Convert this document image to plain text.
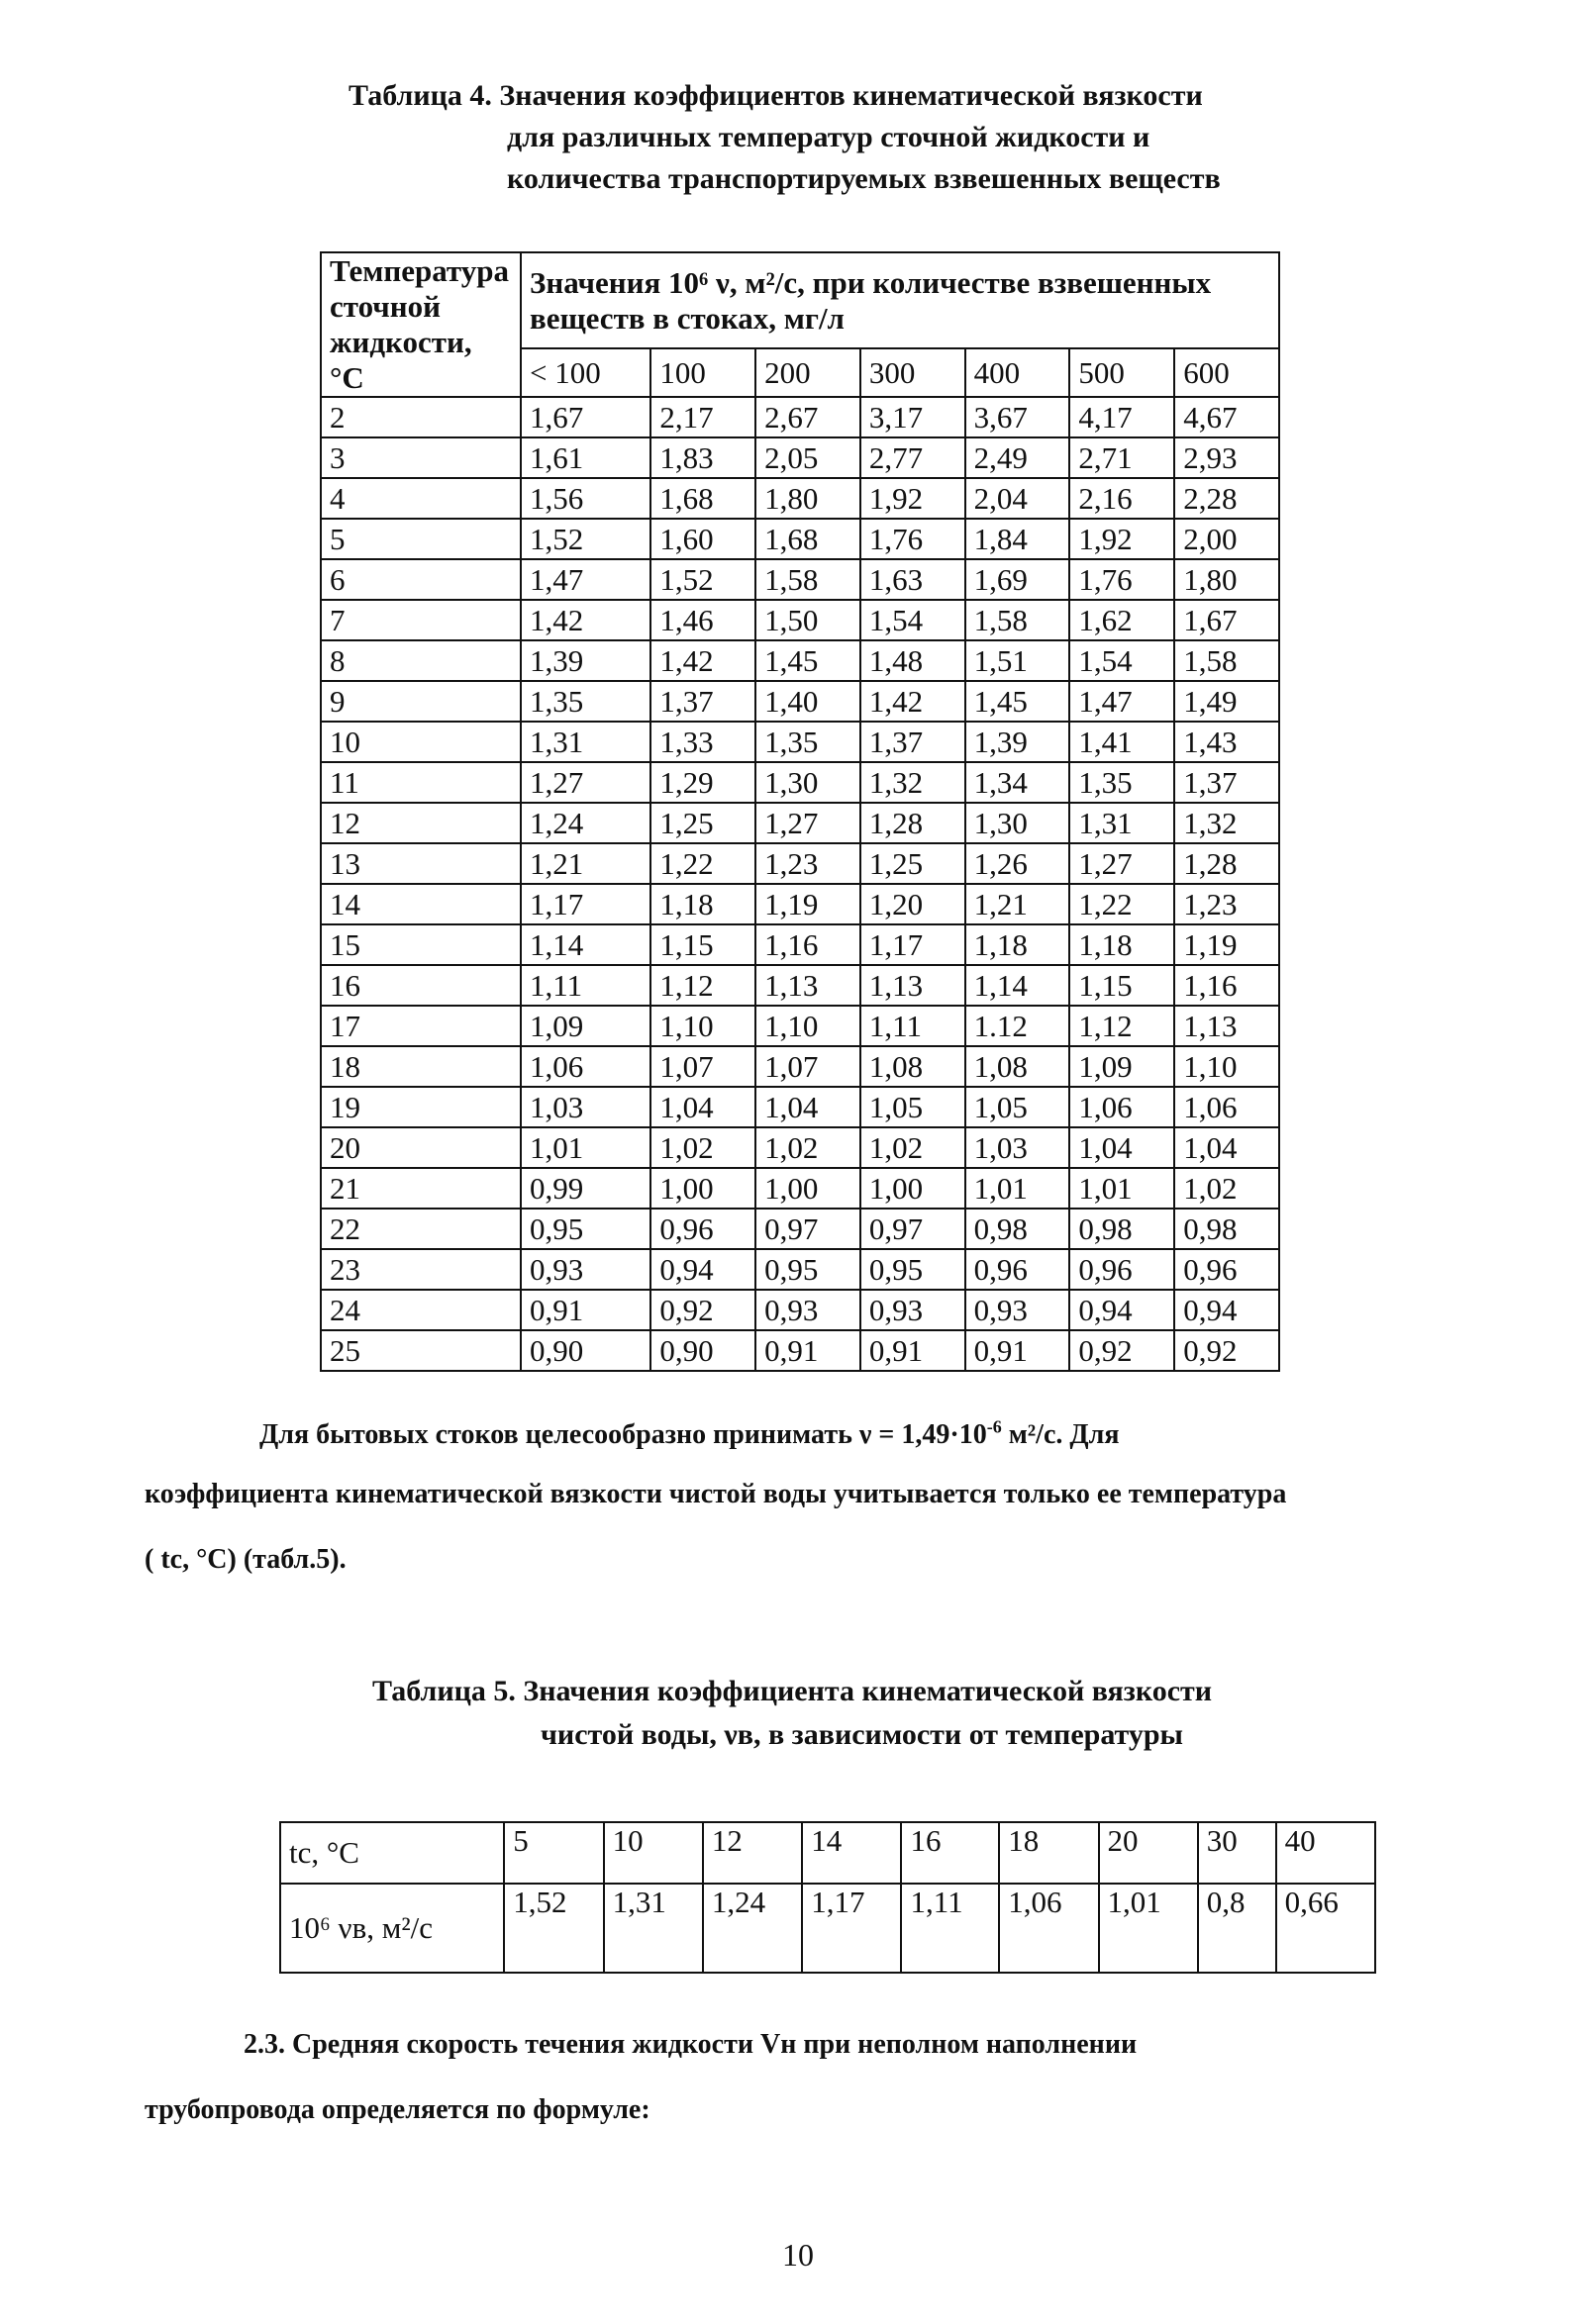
Таблица 4. Значения коэффициентов кинематической вязкости
для различных температур сточной жидкости и
количества транспортируемых взвешенных веществ
Температура сточной жидкости, °С	Значения 10⁶ ν, м²/с, при количестве взвешенных веществ в стоках, мг/л						
	< 100	100	200	300	400	500	600
2	1,67	2,17	2,67	3,17	3,67	4,17	4,67
3	1,61	1,83	2,05	2,77	2,49	2,71	2,93
4	1,56	1,68	1,80	1,92	2,04	2,16	2,28
5	1,52	1,60	1,68	1,76	1,84	1,92	2,00
6	1,47	1,52	1,58	1,63	1,69	1,76	1,80
7	1,42	1,46	1,50	1,54	1,58	1,62	1,67
8	1,39	1,42	1,45	1,48	1,51	1,54	1,58
9	1,35	1,37	1,40	1,42	1,45	1,47	1,49
10	1,31	1,33	1,35	1,37	1,39	1,41	1,43
11	1,27	1,29	1,30	1,32	1,34	1,35	1,37
12	1,24	1,25	1,27	1,28	1,30	1,31	1,32
13	1,21	1,22	1,23	1,25	1,26	1,27	1,28
14	1,17	1,18	1,19	1,20	1,21	1,22	1,23
15	1,14	1,15	1,16	1,17	1,18	1,18	1,19
16	1,11	1,12	1,13	1,13	1,14	1,15	1,16
17	1,09	1,10	1,10	1,11	1.12	1,12	1,13
18	1,06	1,07	1,07	1,08	1,08	1,09	1,10
19	1,03	1,04	1,04	1,05	1,05	1,06	1,06
20	1,01	1,02	1,02	1,02	1,03	1,04	1,04
21	0,99	1,00	1,00	1,00	1,01	1,01	1,02
22	0,95	0,96	0,97	0,97	0,98	0,98	0,98
23	0,93	0,94	0,95	0,95	0,96	0,96	0,96
24	0,91	0,92	0,93	0,93	0,93	0,94	0,94
25	0,90	0,90	0,91	0,91	0,91	0,92	0,92
Для бытовых стоков целесообразно принимать $\nu = 1,49\cdot 10^{-6}$ м²/с. Для
коэффициента кинематической вязкости чистой воды учитывается только ее температура
( tс, °С) (табл.5).
Таблица 5. Значения коэффициента кинематической вязкости
чистой воды, νв, в зависимости от температуры
tс, °С	5	10	12	14	16	18	20	30	40
10⁶ νв, м²/с	1,52	1,31	1,24	1,17	1,11	1,06	1,01	0,8	0,66
2.3. Средняя скорость течения жидкости Vн при неполном наполнении
трубопровода определяется по формуле:
10
